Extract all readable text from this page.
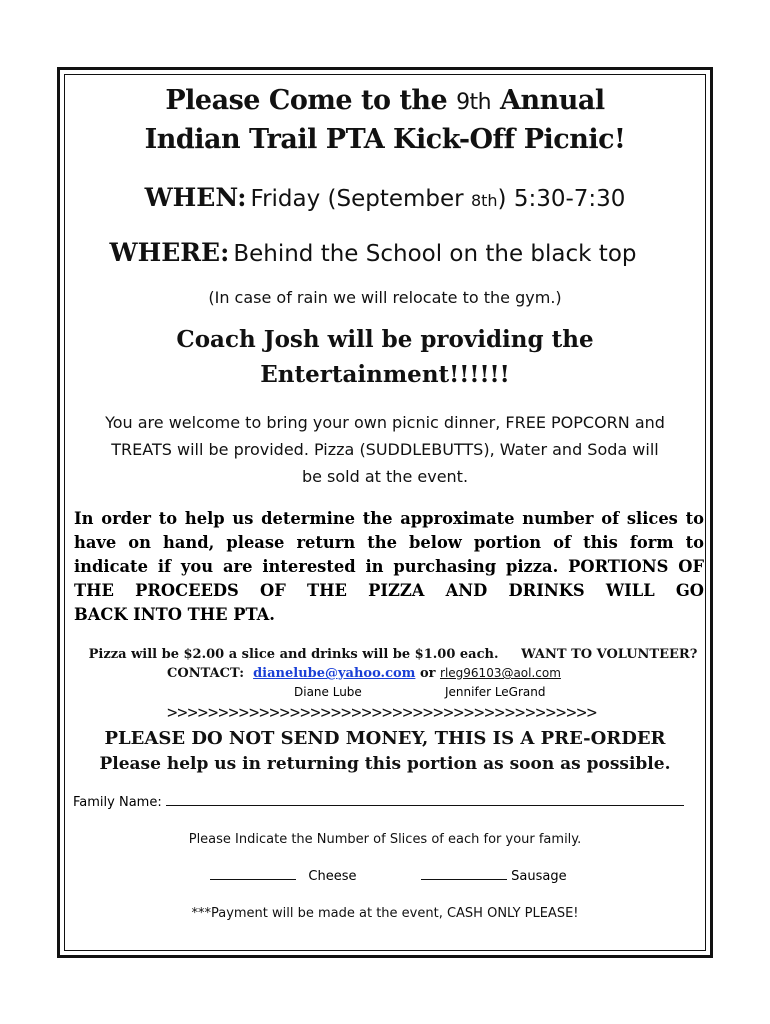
Please Come to the 9th Annual
Indian Trail PTA Kick-Off Picnic!
WHEN: Friday (September 8th) 5:30-7:30
WHERE: Behind the School on the black top
(In case of rain we will relocate to the gym.)
Coach Josh will be providing the
Entertainment!!!!!!
You are welcome to bring your own picnic dinner, FREE POPCORN and
TREATS will be provided. Pizza (SUDDLEBUTTS), Water and Soda will
be sold at the event.
In order to help us determine the approximate number of slices to
have on hand, please return the below portion of this form to
indicate if you are interested in purchasing pizza. PORTIONS OF
THE PROCEEDS OF THE PIZZA AND DRINKS WILL GO
BACK INTO THE PTA.
Pizza will be $2.00 a slice and drinks will be $1.00 each. WANT TO VOLUNTEER?
CONTACT: dianelube@yahoo.com or rleg96103@aol.com
Diane Lube	Jennifer LeGrand
>>>>>>>>>>>>>>>>>>>>>>>>>>>>>>>>>>>>>>>>>>
PLEASE DO NOT SEND MONEY, THIS IS A PRE-ORDER
Please help us in returning this portion as soon as possible.
Family Name:
Please Indicate the Number of Slices of each for your family.
Cheese	Sausage
***Payment will be made at the event, CASH ONLY PLEASE!
